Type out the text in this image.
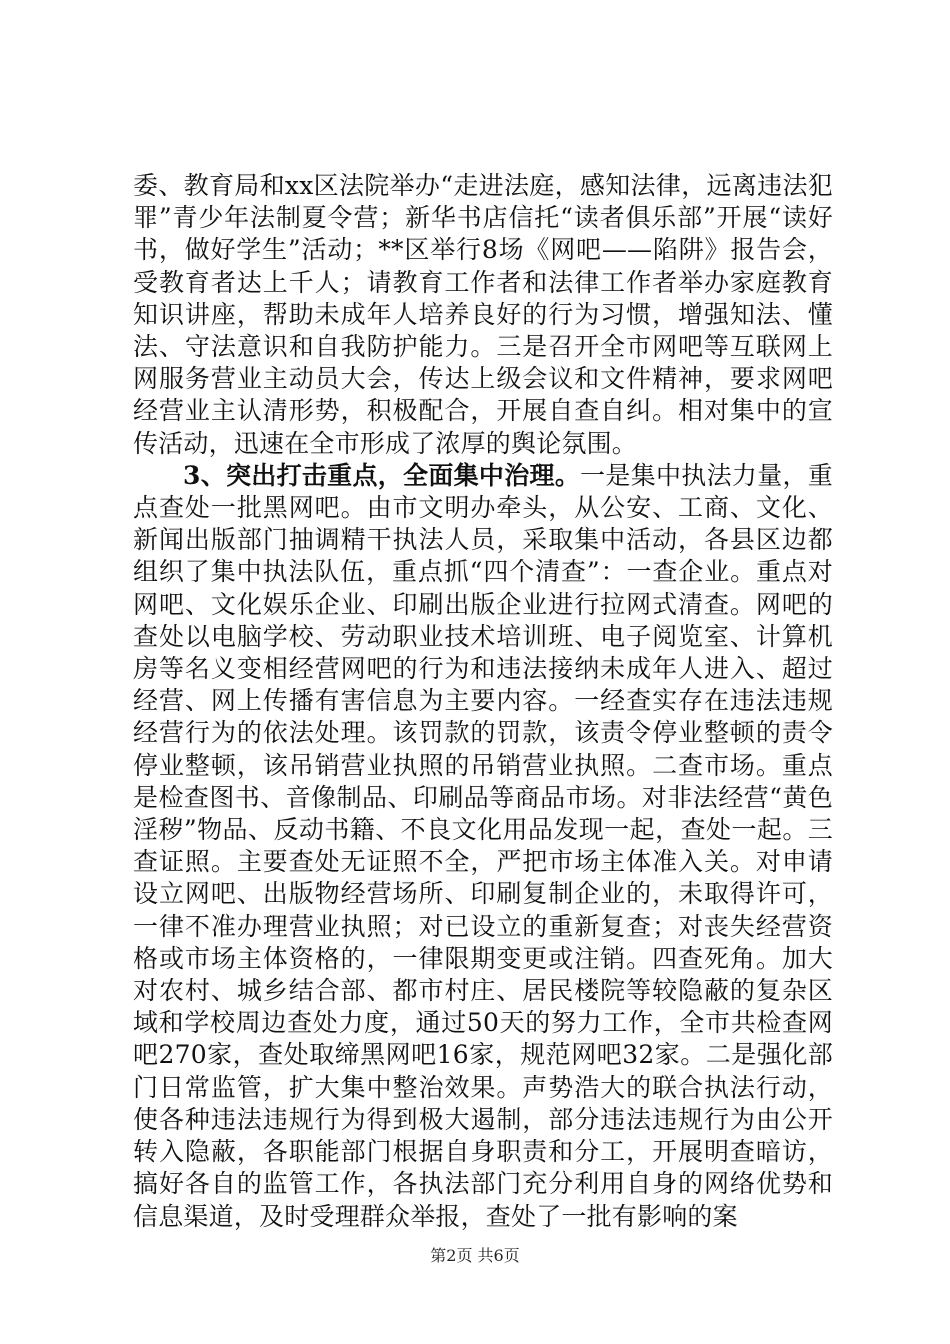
委、教育局和xx区法院举办“走进法庭，感知法律，远离违法犯罪”青少年法制夏令营；新华书店信托“读者俱乐部”开展“读好书，做好学生”活动；**区举行8场《网吧——陷阱》报告会，受教育者达上千人；请教育工作者和法律工作者举办家庭教育知识讲座，帮助未成年人培养良好的行为习惯，增强知法、懂法、守法意识和自我防护能力。三是召开全市网吧等互联网上网服务营业主动员大会，传达上级会议和文件精神，要求网吧经营业主认清形势，积极配合，开展自查自纠。相对集中的宣传活动，迅速在全市形成了浓厚的舆论氛围。

3、突出打击重点，全面集中治理。一是集中执法力量，重点查处一批黑网吧。由市文明办牵头，从公安、工商、文化、新闻出版部门抽调精干执法人员，采取集中活动，各县区边都组织了集中执法队伍，重点抓“四个清查”：一查企业。重点对网吧、文化娱乐企业、印刷出版企业进行拉网式清查。网吧的查处以电脑学校、劳动职业技术培训班、电子阅览室、计算机房等名义变相经营网吧的行为和违法接纳未成年人进入、超过经营、网上传播有害信息为主要内容。一经查实存在违法违规经营行为的依法处理。该罚款的罚款，该责令停业整顿的责令停业整顿，该吊销营业执照的吊销营业执照。二查市场。重点是检查图书、音像制品、印刷品等商品市场。对非法经营“黄色淫秽”物品、反动书籍、不良文化用品发现一起，查处一起。三查证照。主要查处无证照不全，严把市场主体准入关。对申请设立网吧、出版物经营场所、印刷复制企业的，未取得许可，一律不准办理营业执照；对已设立的重新复查；对丧失经营资格或市场主体资格的，一律限期变更或注销。四查死角。加大对农村、城乡结合部、都市村庄、居民楼院等较隐蔽的复杂区域和学校周边查处力度，通过50天的努力工作，全市共检查网吧270家，查处取缔黑网吧16家，规范网吧32家。二是强化部门日常监管，扩大集中整治效果。声势浩大的联合执法行动，使各种违法违规行为得到极大遏制，部分违法违规行为由公开转入隐蔽，各职能部门根据自身职责和分工，开展明查暗访，搞好各自的监管工作，各执法部门充分利用自身的网络优势和信息渠道，及时受理群众举报，查处了一批有影响的案

第2页 共6页
